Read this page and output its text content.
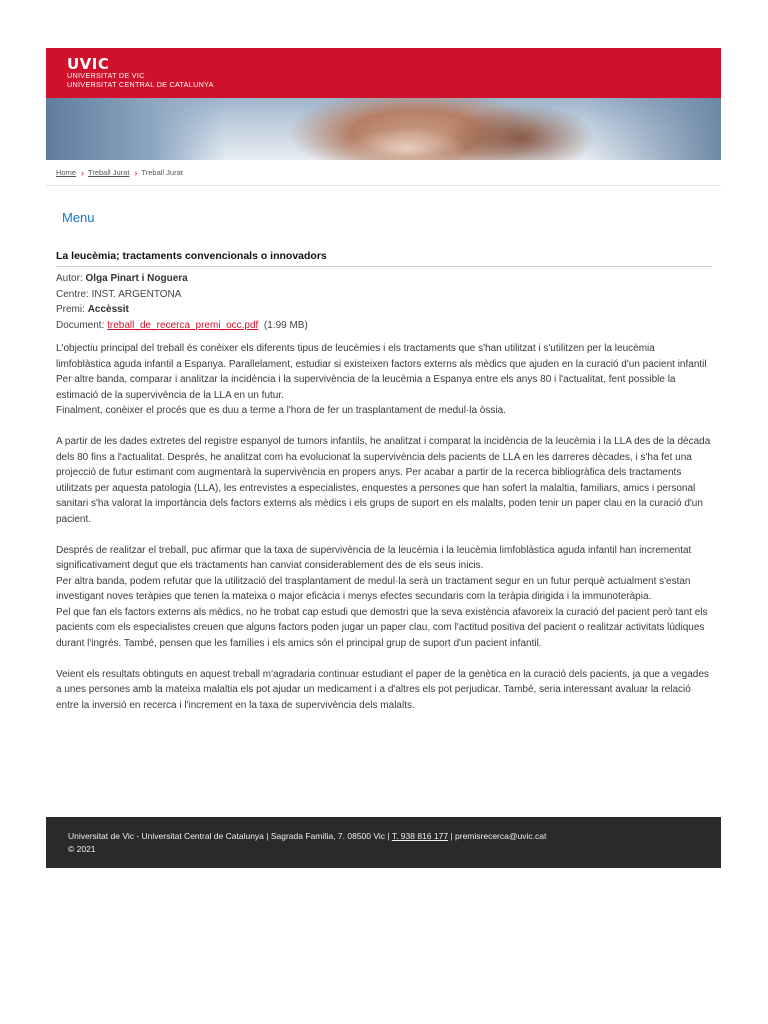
UVIC
UNIVERSITAT DE VIC
UNIVERSITAT CENTRAL DE CATALUNYA
Home › Treball Jurat › Treball Jurat
Menu
La leucèmia; tractaments convencionals o innovadors
Autor: Olga Pinart i Noguera
Centre: INST. ARGENTONA
Premi: Accèssit
Document: treball_de_recerca_premi_occ.pdf (1.99 MB)

L'objectiu principal del treball és conèixer els diferents tipus de leucèmies i els tractaments que s'han utilitzat i s'utilitzen per la leucèmia limfoblàstica aguda infantil a Espanya. Parallelament, estudiar si existeixen factors externs als mèdics que ajuden en la curació d'un pacient infantil
Per altre banda, comparar i analitzar la incidència i la supervivència de la leucèmia a Espanya entre els anys 80 i l'actualitat, fent possible la estimació de la supervivència de la LLA en un futur.
Finalment, conèixer el procés que es duu a terme a l'hora de fer un trasplantament de medul·la òssia.

A partir de les dades extretes del registre espanyol de tumors infantils, he analitzat i comparat la incidència de la leucèmia i la LLA des de la dècada dels 80 fins a l'actualitat. Després, he analitzat com ha evolucionat la supervivència dels pacients de LLA en les darreres dècades, i s'ha fet una projecció de futur estimant com augmentarà la supervivència en propers anys. Per acabar a partir de la recerca bibliogràfica dels tractaments utilitzats per aquesta patologia (LLA), les entrevistes a especialistes, enquestes a persones que han sofert la malaltia, familiars, amics i personal sanitari s'ha valorat la importància dels factors externs als mèdics i els grups de suport en els malalts, poden tenir un paper clau en la curació d'un pacient.

Després de realitzar el treball, puc afirmar que la taxa de supervivència de la leucèmia i la leucèmia limfoblàstica aguda infantil han incrementat significativament degut que els tractaments han canviat considerablement des de els seus inicis.
Per altra banda, podem refutar que la utilització del trasplantament de medul·la serà un tractament segur en un futur perquè actualment s'estan investigant noves teràpies que tenen la mateixa o major eficàcia i menys efectes secundaris com la teràpia dirigida i la immunoteràpia.
Pel que fan els factors externs als mèdics, no he trobat cap estudi que demostri que la seva existència afavoreix la curació del pacient però tant els pacients com els especialistes creuen que alguns factors poden jugar un paper clau, com l'actitud positiva del pacient o realitzar activitats lúdiques durant l'ingrés. També, pensen que les famílies i els amics són el principal grup de suport d'un pacient infantil.

Veient els resultats obtinguts en aquest treball m'agradaria continuar estudiant el paper de la genètica en la curació dels pacients, ja que a vegades a unes persones amb la mateixa malaltia els pot ajudar un medicament i a d'altres els pot perjudicar. També, seria interessant avaluar la relació entre la inversió en recerca i l'increment en la taxa de supervivència dels malalts.

Universitat de Vic - Universitat Central de Catalunya | Sagrada Família, 7. 08500 Vic | T. 938 816 177 | premisrecerca@uvic.cat
© 2021
